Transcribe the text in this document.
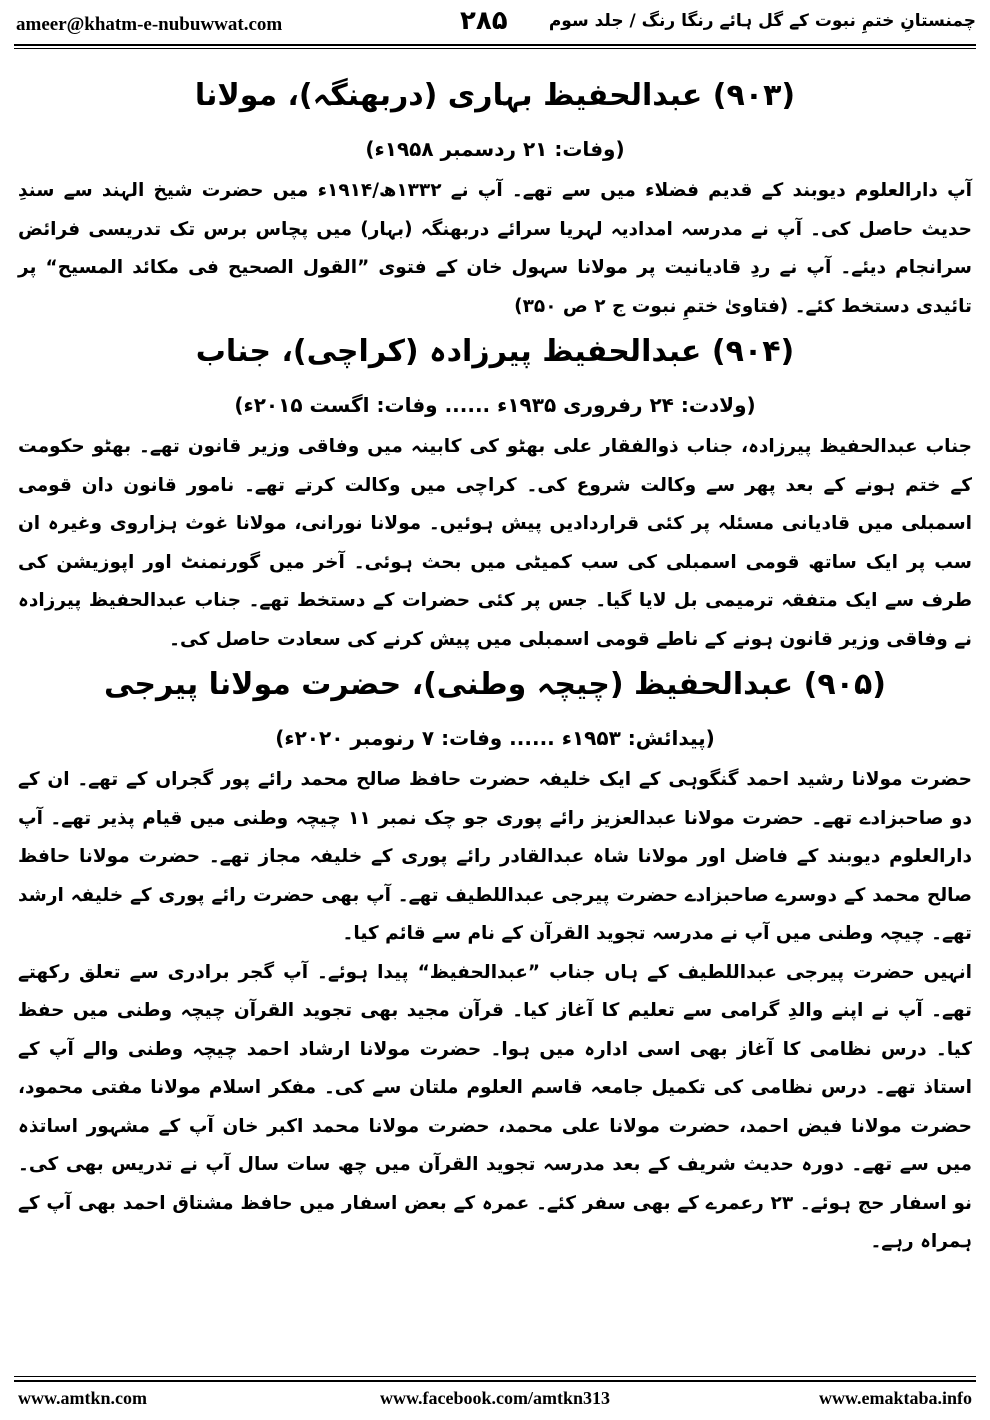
ameer@khatm-e-nubuwwat.com	۲۸۵ چمنستانِ ختمِ نبوت کے گل ہائے رنگا رنگ / جلد سوم
(۹۰۳) عبدالحفیظ بہاری (دربھنگہ)، مولانا
(وفات: ۲۱ ردسمبر ۱۹۵۸ء)

آپ دارالعلوم دیوبند کے قدیم فضلاء میں سے تھے۔ آپ نے ۱۳۳۲ھ/۱۹۱۴ء میں حضرت شیخ الہند سے سندِ حدیث حاصل کی۔ آپ نے مدرسہ امدادیہ لہریا سرائے دربھنگہ (بہار) میں پچاس برس تک تدریسی فرائض سرانجام دیئے۔ آپ نے ردِ قادیانیت پر مولانا سہول خان کے فتوی ”القول الصحیح فی مکائد المسیح“ پر تائیدی دستخط کئے۔ (فتاویٰ ختمِ نبوت ج ۲ ص ۳۵۰)

(۹۰۴) عبدالحفیظ پیرزادہ (کراچی)، جناب
(ولادت: ۲۴ رفروری ۱۹۳۵ء ...... وفات: اگست ۲۰۱۵ء)

جناب عبدالحفیظ پیرزادہ، جناب ذوالفقار علی بھٹو کی کابینہ میں وفاقی وزیر قانون تھے۔ بھٹو حکومت کے ختم ہونے کے بعد پھر سے وکالت شروع کی۔ کراچی میں وکالت کرتے تھے۔ نامور قانون دان قومی اسمبلی میں قادیانی مسئلہ پر کئی قراردادیں پیش ہوئیں۔ مولانا نورانی، مولانا غوث ہزاروی وغیرہ ان سب پر ایک ساتھ قومی اسمبلی کی سب کمیٹی میں بحث ہوئی۔ آخر میں گورنمنٹ اور اپوزیشن کی طرف سے ایک متفقہ ترمیمی بل لایا گیا۔ جس پر کئی حضرات کے دستخط تھے۔ جناب عبدالحفیظ پیرزادہ نے وفاقی وزیر قانون ہونے کے ناطے قومی اسمبلی میں پیش کرنے کی سعادت حاصل کی۔

(۹۰۵) عبدالحفیظ (چیچہ وطنی)، حضرت مولانا پیرجی
(پیدائش: ۱۹۵۳ء ...... وفات: ۷ رنومبر ۲۰۲۰ء)

حضرت مولانا رشید احمد گنگوہی کے ایک خلیفہ حضرت حافظ صالح محمد رائے پور گجراں کے تھے۔ ان کے دو صاحبزادے تھے۔ حضرت مولانا عبدالعزیز رائے پوری جو چک نمبر ۱۱ چیچہ وطنی میں قیام پذیر تھے۔ آپ دارالعلوم دیوبند کے فاضل اور مولانا شاہ عبدالقادر رائے پوری کے خلیفہ مجاز تھے۔ حضرت مولانا حافظ صالح محمد کے دوسرے صاحبزادے حضرت پیرجی عبداللطیف تھے۔ آپ بھی حضرت رائے پوری کے خلیفہ ارشد تھے۔ چیچہ وطنی میں آپ نے مدرسہ تجوید القرآن کے نام سے قائم کیا۔

انہیں حضرت پیرجی عبداللطیف کے ہاں جناب ”عبدالحفیظ“ پیدا ہوئے۔ آپ گجر برادری سے تعلق رکھتے تھے۔ آپ نے اپنے والدِ گرامی سے تعلیم کا آغاز کیا۔ قرآن مجید بھی تجوید القرآن چیچہ وطنی میں حفظ کیا۔ درس نظامی کا آغاز بھی اسی ادارہ میں ہوا۔ حضرت مولانا ارشاد احمد چیچہ وطنی والے آپ کے استاذ تھے۔ درس نظامی کی تکمیل جامعہ قاسم العلوم ملتان سے کی۔ مفکر اسلام مولانا مفتی محمود، حضرت مولانا فیض احمد، حضرت مولانا علی محمد، حضرت مولانا محمد اکبر خان آپ کے مشہور اساتذہ میں سے تھے۔ دورہ حدیث شریف کے بعد مدرسہ تجوید القرآن میں چھ سات سال آپ نے تدریس بھی کی۔ نو اسفار حج ہوئے۔ ۲۳ رعمرے کے بھی سفر کئے۔ عمرہ کے بعض اسفار میں حافظ مشتاق احمد بھی آپ کے ہمراہ رہے۔

www.amtkn.com	www.facebook.com/amtkn313	www.emaktaba.info
